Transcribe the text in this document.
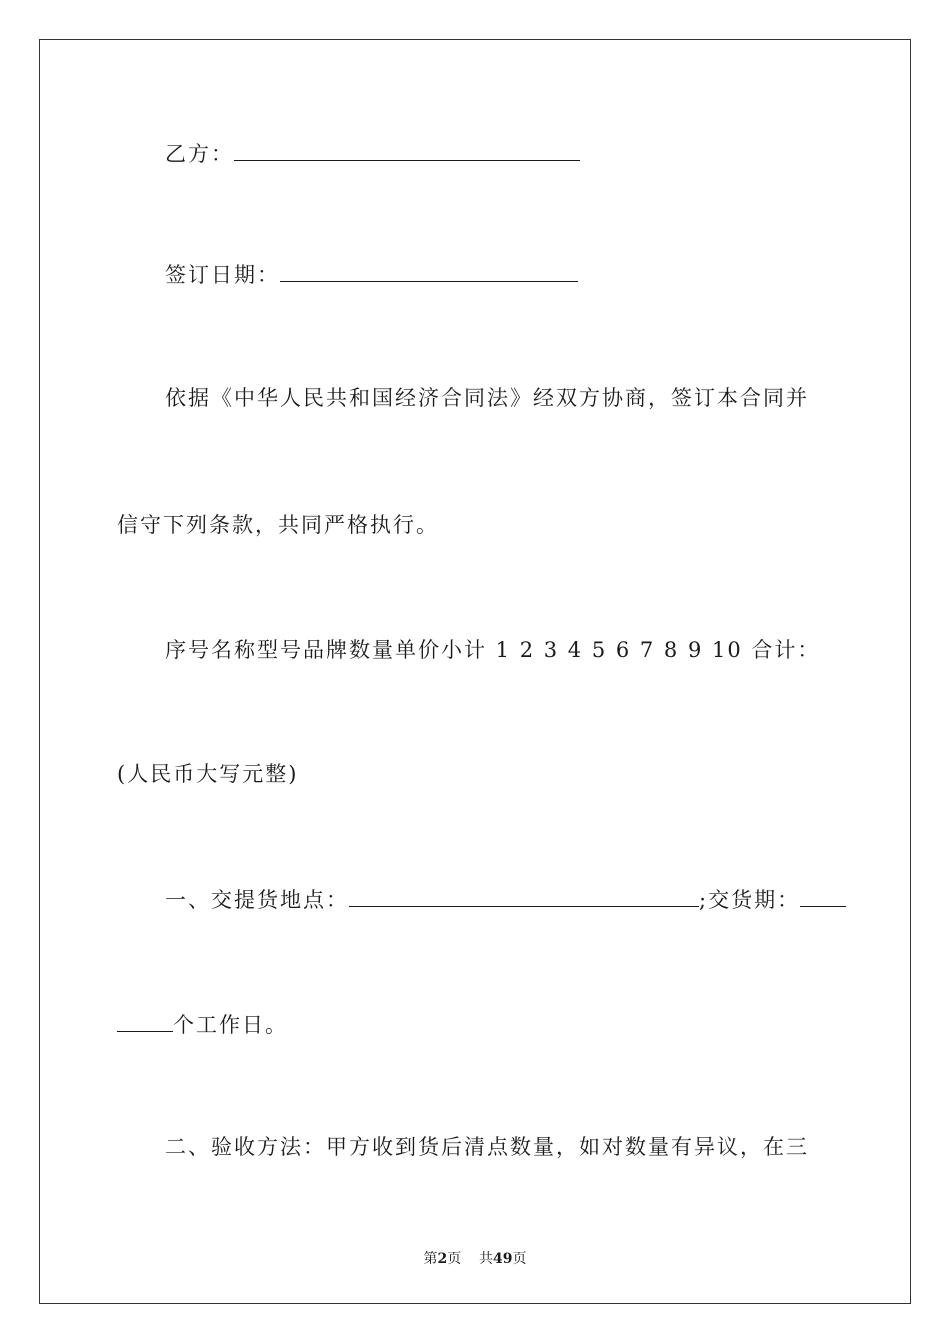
乙方：
签订日期：
依据《中华人民共和国经济合同法》经双方协商，签订本合同并
信守下列条款，共同严格执行。
序号名称型号品牌数量单价小计 1 2 3 4 5 6 7 8 9 10 合计：
(人民币大写元整)
一、交提货地点：	;交货期：
个工作日。
二、验收方法：甲方收到货后清点数量，如对数量有异议，在三
第2页 共49页
